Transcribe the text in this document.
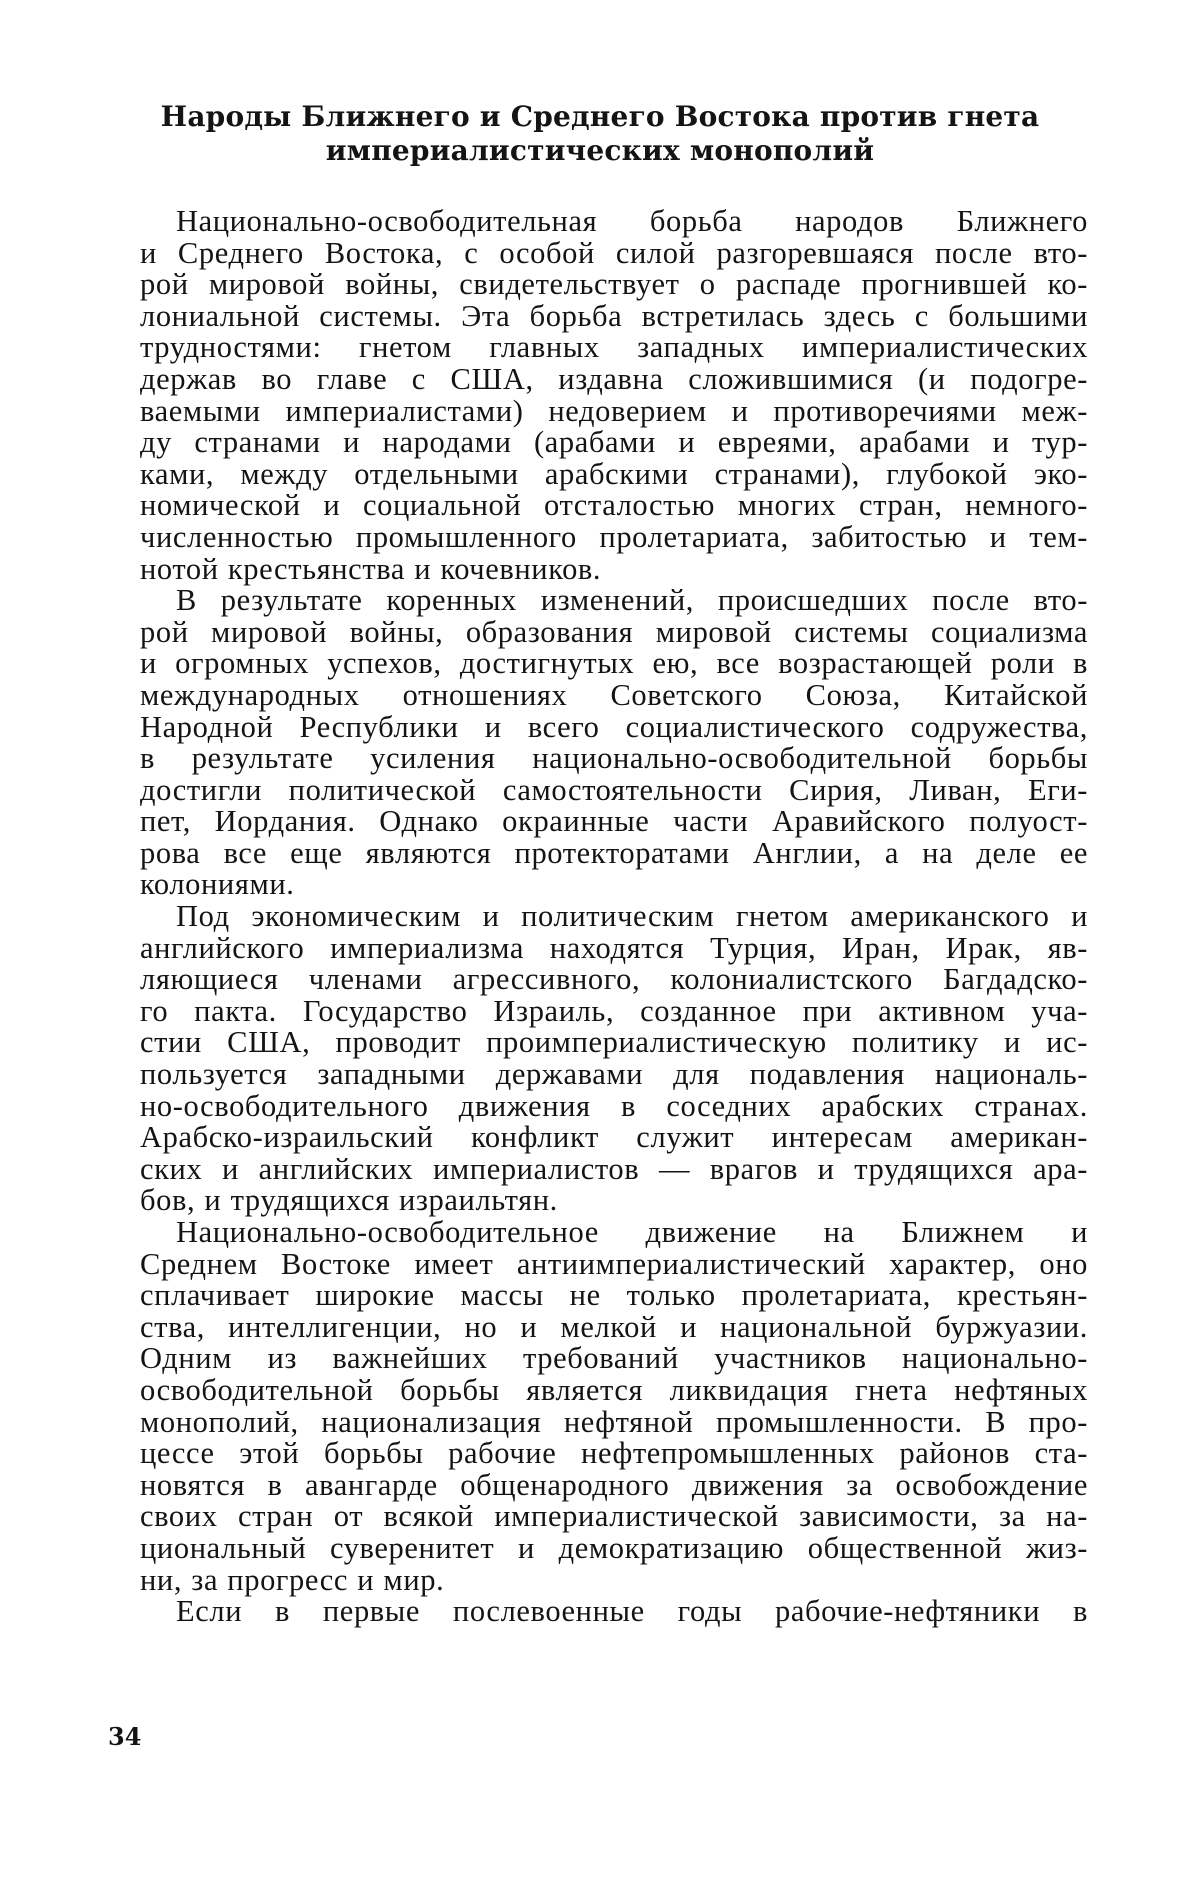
Народы Ближнего и Среднего Востока против гнета
империалистических монополий

Национально-освободительная борьба народов Ближнего
и Среднего Востока, с особой силой разгоревшаяся после вто-
рой мировой войны, свидетельствует о распаде прогнившей ко-
лониальной системы. Эта борьба встретилась здесь с большими
трудностями: гнетом главных западных империалистических
держав во главе с США, издавна сложившимися (и подогре-
ваемыми империалистами) недоверием и противоречиями меж-
ду странами и народами (арабами и евреями, арабами и тур-
ками, между отдельными арабскими странами), глубокой эко-
номической и социальной отсталостью многих стран, немного-
численностью промышленного пролетариата, забитостью и тем-
нотой крестьянства и кочевников.

В результате коренных изменений, происшедших после вто-
рой мировой войны, образования мировой системы социализма
и огромных успехов, достигнутых ею, все возрастающей роли в
международных отношениях Советского Союза, Китайской
Народной Республики и всего социалистического содружества,
в результате усиления национально-освободительной борьбы
достигли политической самостоятельности Сирия, Ливан, Еги-
пет, Иордания. Однако окраинные части Аравийского полуост-
рова все еще являются протекторатами Англии, а на деле ее
колониями.

Под экономическим и политическим гнетом американского и
английского империализма находятся Турция, Иран, Ирак, яв-
ляющиеся членами агрессивного, колониалистского Багдадско-
го пакта. Государство Израиль, созданное при активном уча-
стии США, проводит проимпериалистическую политику и ис-
пользуется западными державами для подавления националь-
но-освободительного движения в соседних арабских странах.
Арабско-израильский конфликт служит интересам американ-
ских и английских империалистов — врагов и трудящихся ара-
бов, и трудящихся израильтян.

Национально-освободительное движение на Ближнем и
Среднем Востоке имеет антиимпериалистический характер, оно
сплачивает широкие массы не только пролетариата, крестьян-
ства, интеллигенции, но и мелкой и национальной буржуазии.
Одним из важнейших требований участников национально-
освободительной борьбы является ликвидация гнета нефтяных
монополий, национализация нефтяной промышленности. В про-
цессе этой борьбы рабочие нефтепромышленных районов ста-
новятся в авангарде общенародного движения за освобождение
своих стран от всякой империалистической зависимости, за на-
циональный суверенитет и демократизацию общественной жиз-
ни, за прогресс и мир.

Если в первые послевоенные годы рабочие-нефтяники в

34
